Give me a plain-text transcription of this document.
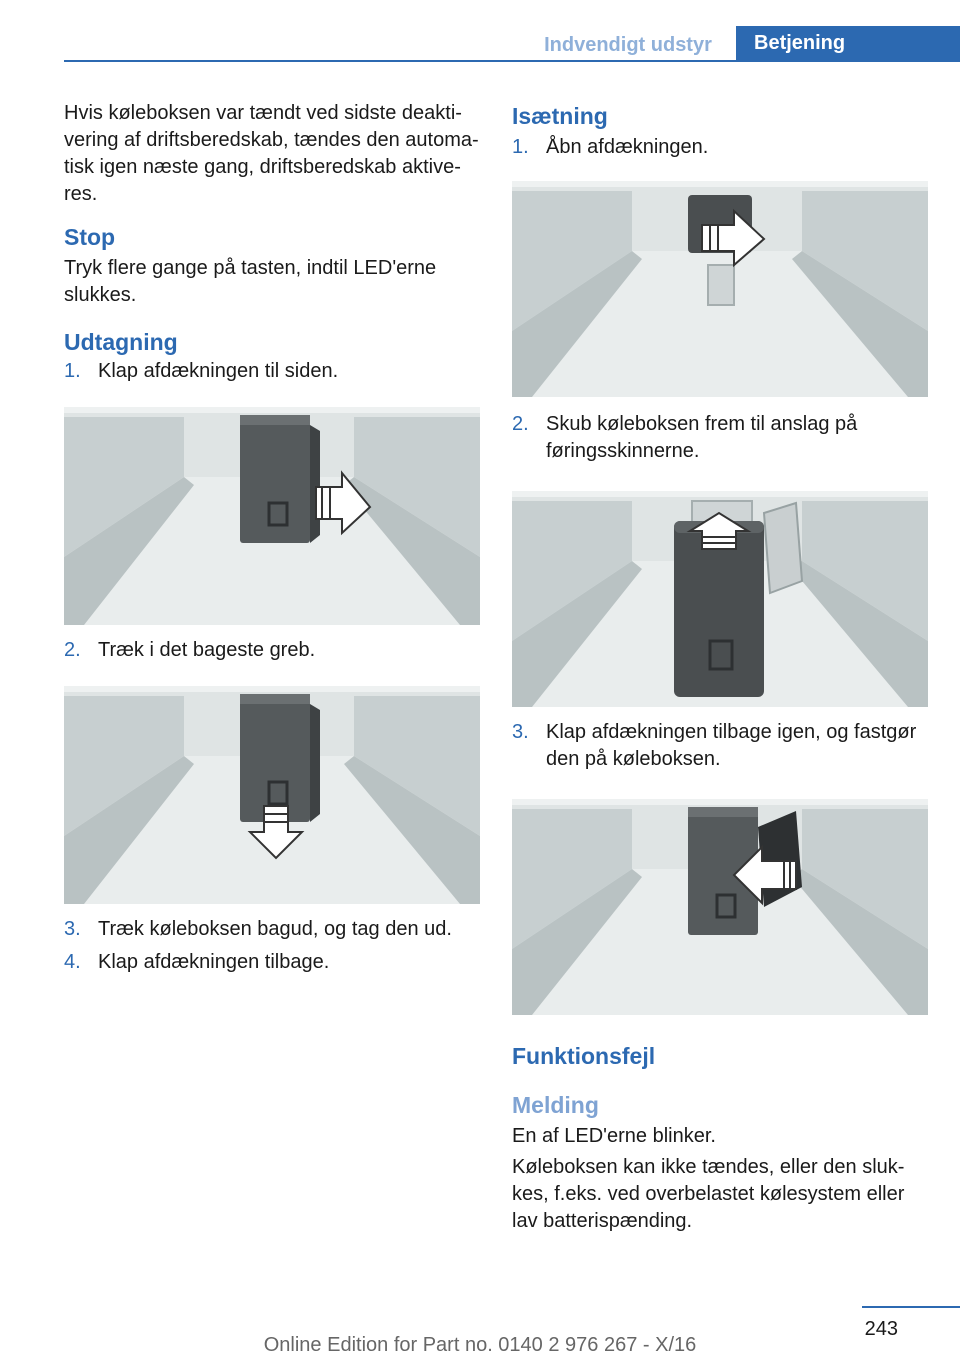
Indvendigt udstyr	Betjening

Hvis køleboksen var tændt ved sidste deaktivering af driftsberedskab, tændes den automatisk igen næste gang, driftsberedskab aktiveres.

Stop

Tryk flere gange på tasten, indtil LED'erne slukkes.

Udtagning
1. Klap afdækningen til siden.
2. Træk i det bageste greb.
3. Træk køleboksen bagud, og tag den ud.
4. Klap afdækningen tilbage.
Isætning
1. Åbn afdækningen.
2. Skub køleboksen frem til anslag på føringsskinnerne.
3. Klap afdækningen tilbage igen, og fastgør den på køleboksen.
Funktionsfejl
Melding

En af LED'erne blinker.

Køleboksen kan ikke tændes, eller den slukkes, f.eks. ved overbelastet kølesystem eller lav batterispænding.

243
Online Edition for Part no. 0140 2 976 267 - X/16
